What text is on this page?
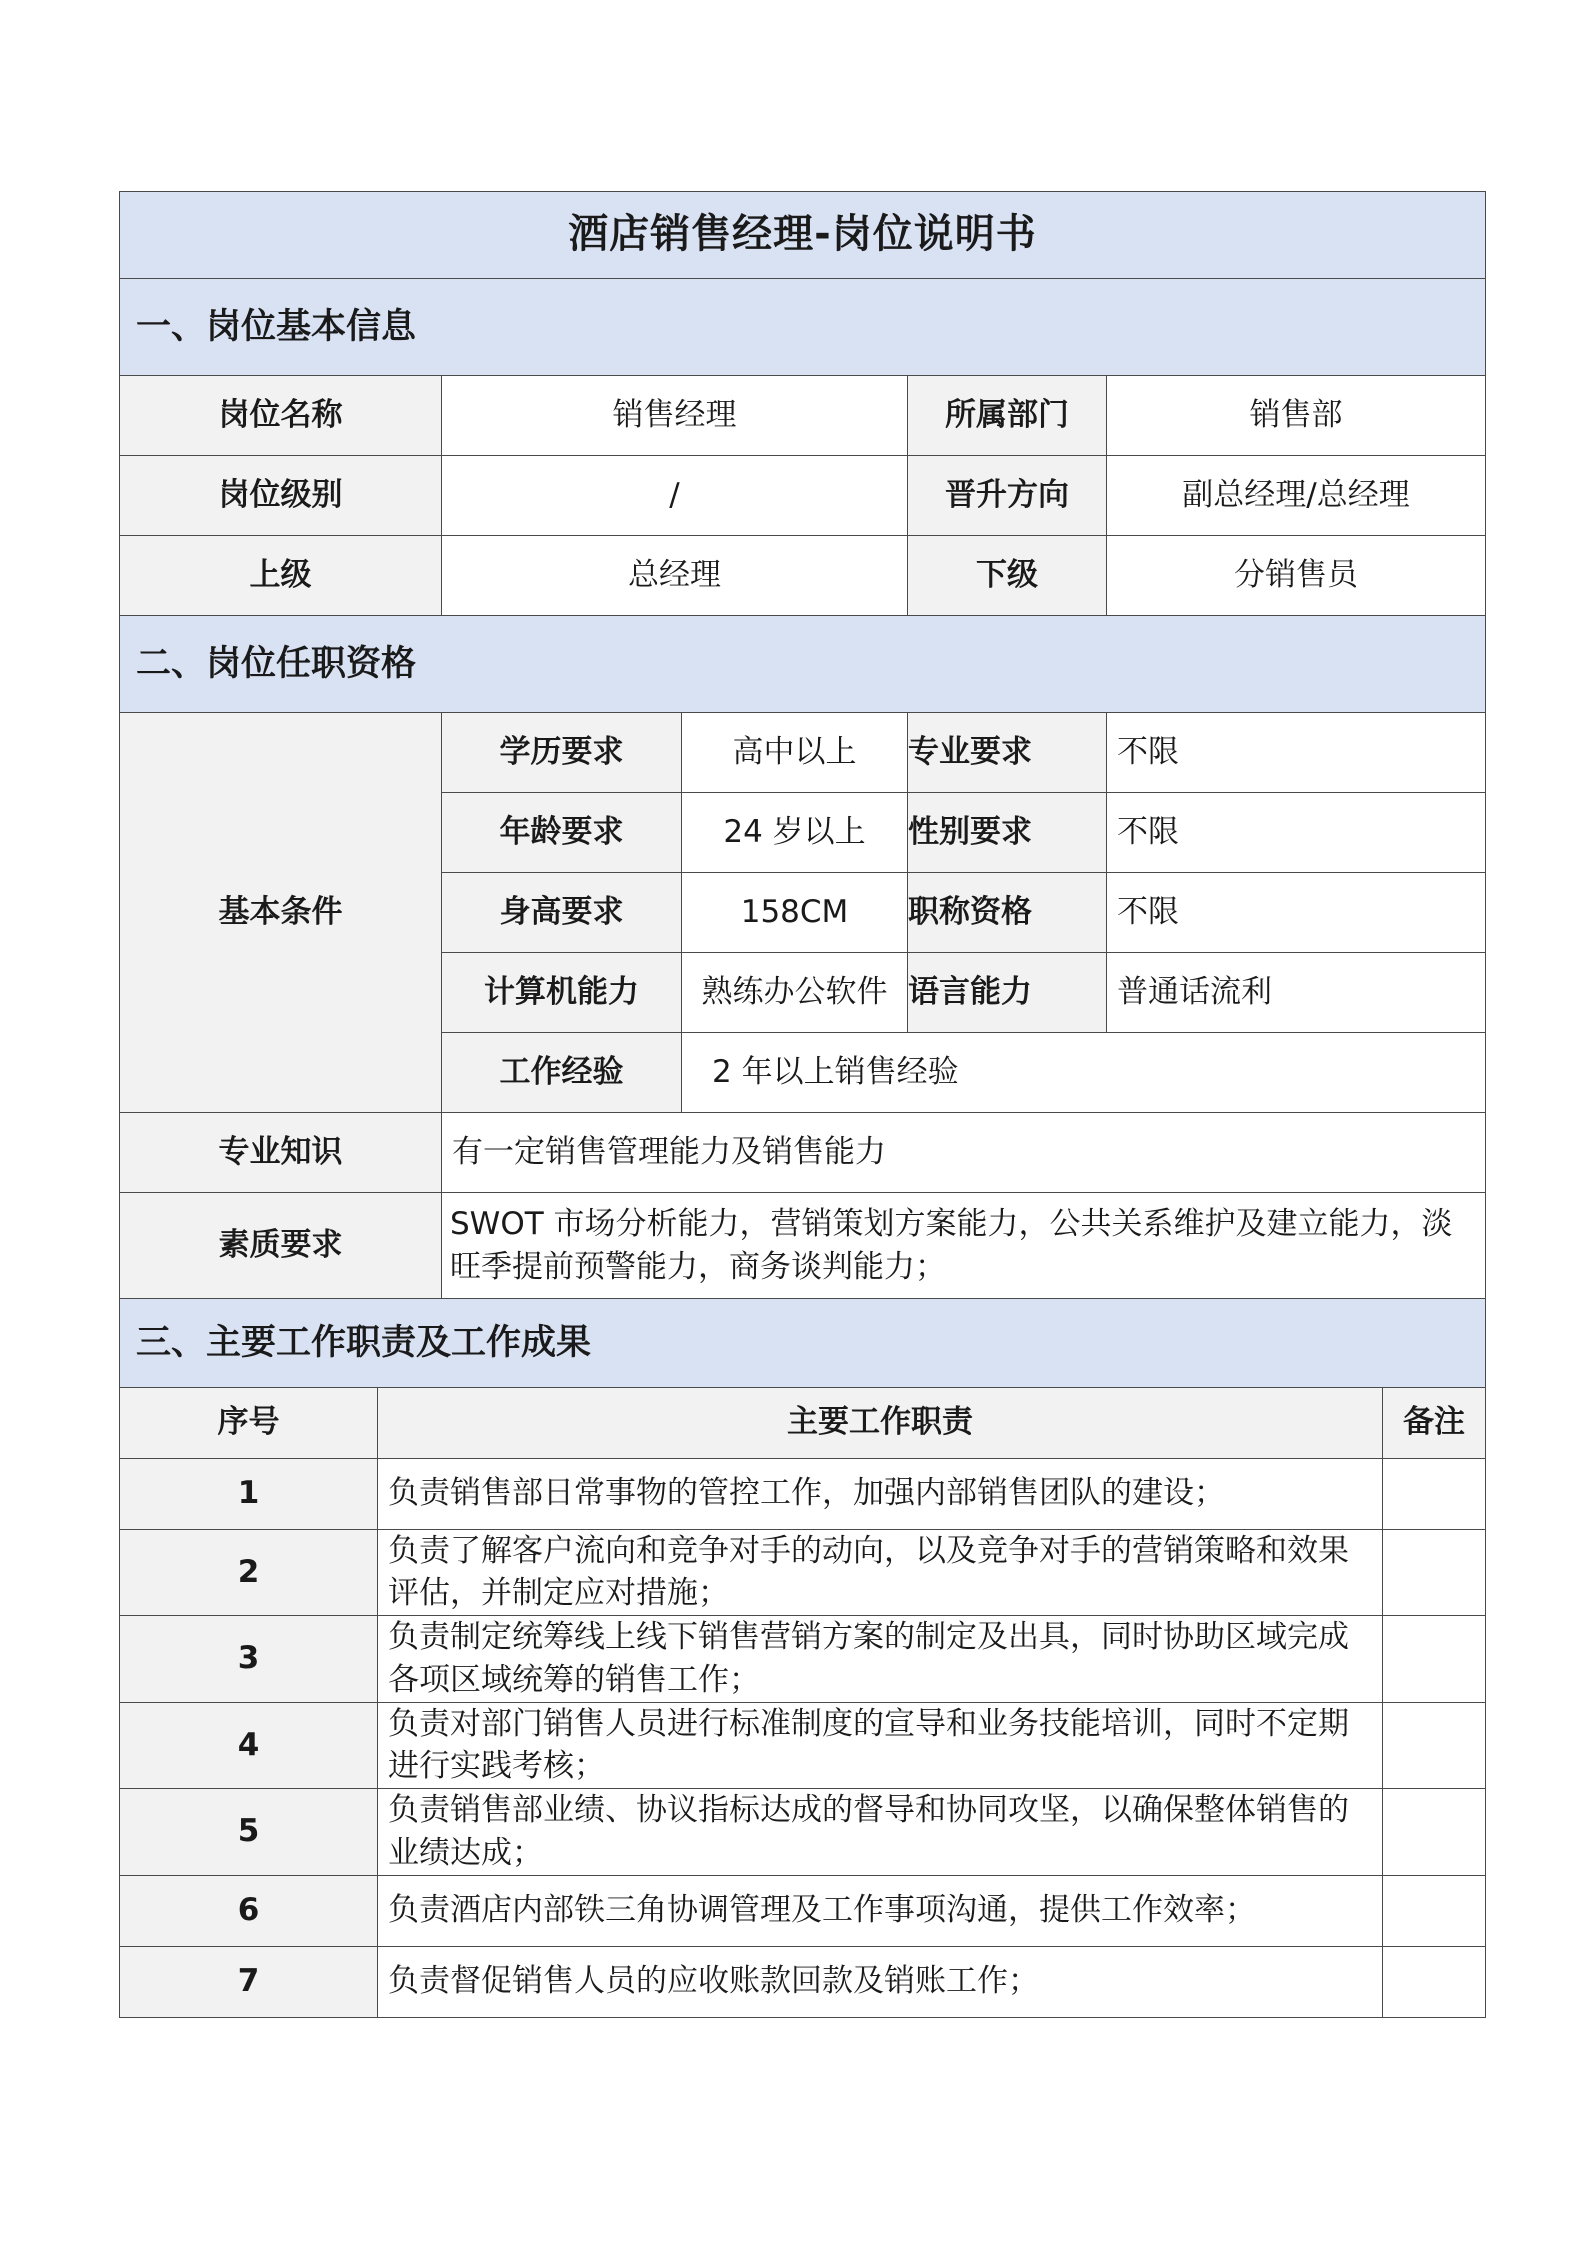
酒店销售经理-岗位说明书				
一、岗位基本信息				
岗位名称	销售经理		所属部门	销售部
岗位级别	/		晋升方向	副总经理/总经理
上级	总经理		下级	分销售员
二、岗位任职资格				
基本条件	学历要求	高中以上	专业要求	不限
	年龄要求	24 岁以上	性别要求	不限
	身高要求	158CM	职称资格	不限
	计算机能力	熟练办公软件	语言能力	普通话流利
	工作经验	2 年以上销售经验		
专业知识	有一定销售管理能力及销售能力			
素质要求	SWOT 市场分析能力，营销策划方案能力，公共关系维护及建立能力，淡旺季提前预警能力，商务谈判能力；			
三、主要工作职责及工作成果				
序号	主要工作职责	备注
1	负责销售部日常事物的管控工作，加强内部销售团队的建设；	
2	负责了解客户流向和竞争对手的动向，以及竞争对手的营销策略和效果评估，并制定应对措施；	
3	负责制定统筹线上线下销售营销方案的制定及出具，同时协助区域完成各项区域统筹的销售工作；	
4	负责对部门销售人员进行标准制度的宣导和业务技能培训，同时不定期进行实践考核；	
5	负责销售部业绩、协议指标达成的督导和协同攻坚，以确保整体销售的业绩达成；	
6	负责酒店内部铁三角协调管理及工作事项沟通，提供工作效率；	
7	负责督促销售人员的应收账款回款及销账工作；	
